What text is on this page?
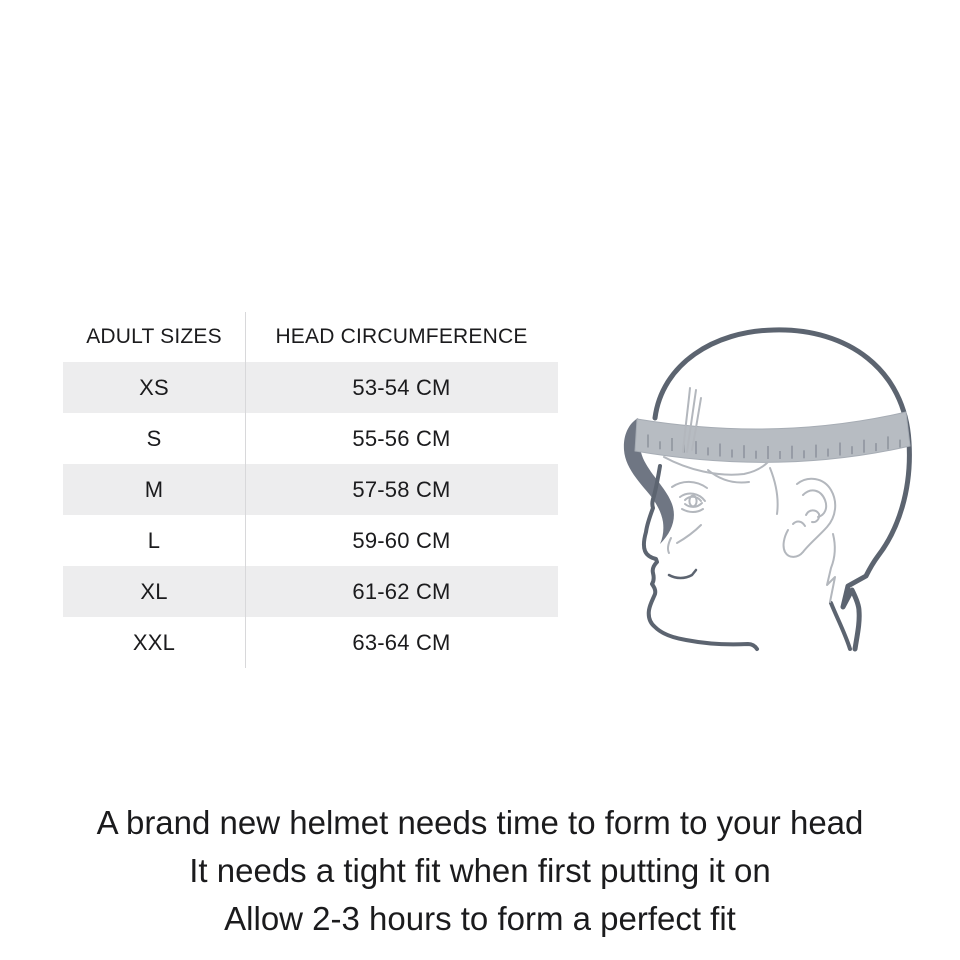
ADULT SIZES	HEAD CIRCUMFERENCE
XS	53-54 CM
S	55-56 CM
M	57-58 CM
L	59-60 CM
XL	61-62 CM
XXL	63-64 CM

A brand new helmet needs time to form to your head

It needs a tight fit when first putting it on

Allow 2-3 hours to form a perfect fit
